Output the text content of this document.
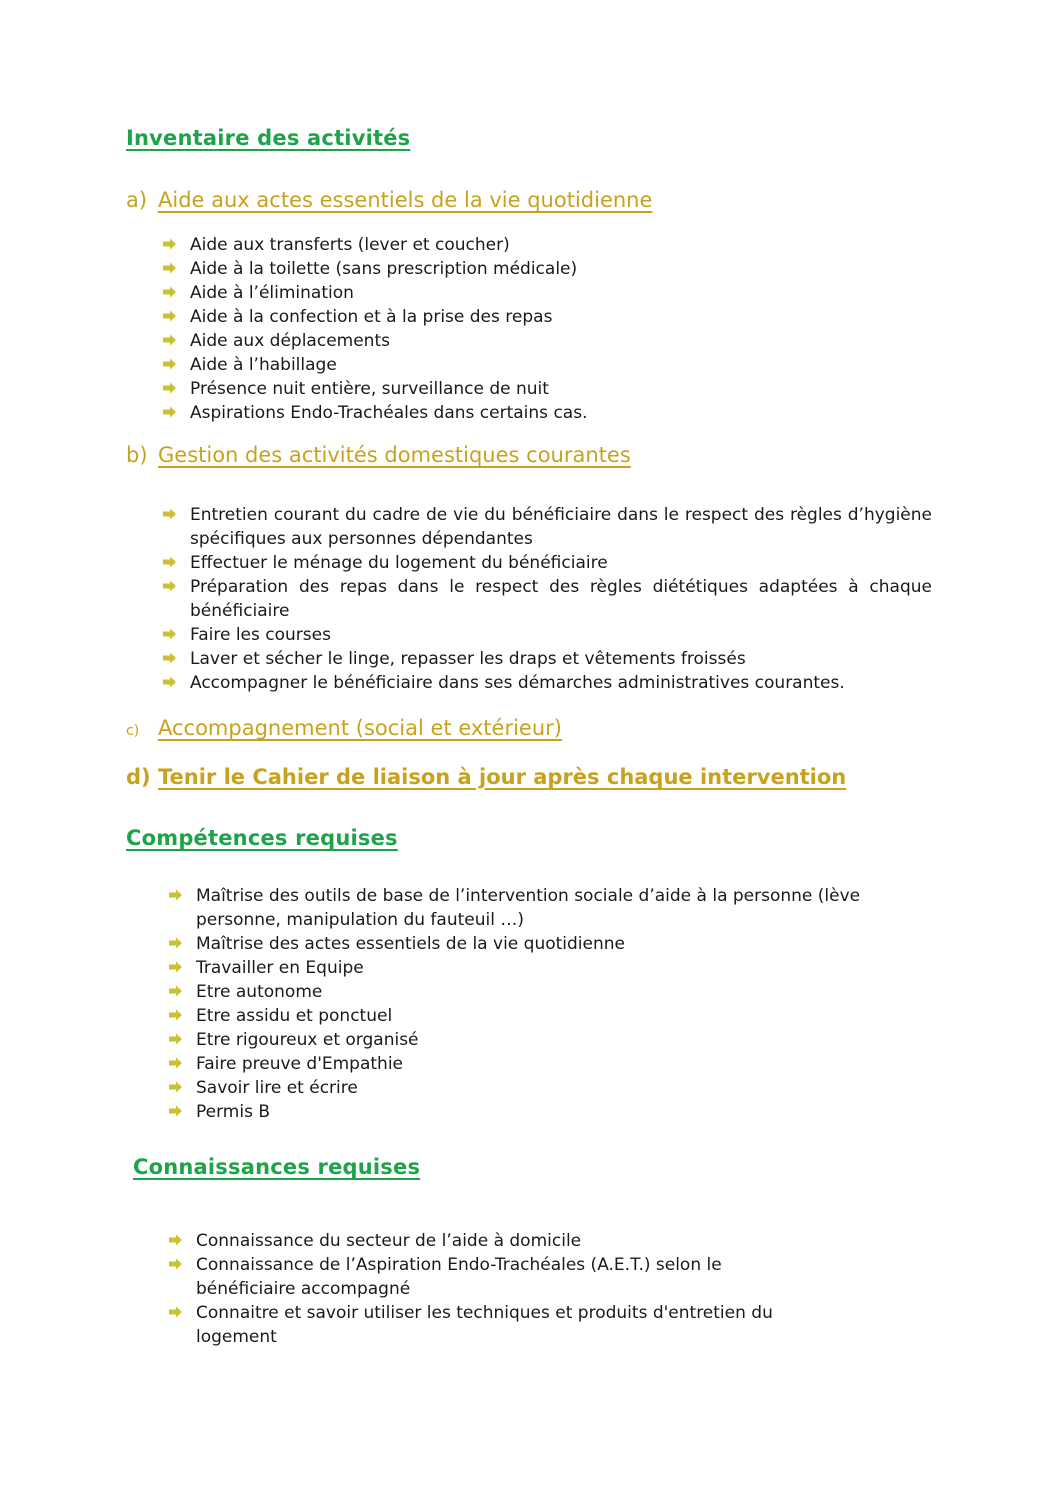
Inventaire des activités
a) Aide aux actes essentiels de la vie quotidienne
Aide aux transferts (lever et coucher)
Aide à la toilette (sans prescription médicale)
Aide à l’élimination
Aide à la confection et à la prise des repas
Aide aux déplacements
Aide à l’habillage
Présence nuit entière, surveillance de nuit
Aspirations Endo-Trachéales dans certains cas.
b) Gestion des activités domestiques courantes
Entretien courant du cadre de vie du bénéficiaire dans le respect des règles d’hygiène spécifiques aux personnes dépendantes
Effectuer le ménage du logement du bénéficiaire
Préparation des repas dans le respect des règles diététiques adaptées à chaque bénéficiaire
Faire les courses
Laver et sécher le linge, repasser les draps et vêtements froissés
Accompagner le bénéficiaire dans ses démarches administratives courantes.
c) Accompagnement (social et extérieur)
d) Tenir le Cahier de liaison à jour après chaque intervention
Compétences requises
Maîtrise des outils de base de l’intervention sociale d’aide à la personne (lève personne, manipulation du fauteuil …)
Maîtrise des actes essentiels de la vie quotidienne
Travailler en Equipe
Etre autonome
Etre assidu et ponctuel
Etre rigoureux et organisé
Faire preuve d'Empathie
Savoir lire et écrire
Permis B
Connaissances requises
Connaissance du secteur de l’aide à domicile
Connaissance de l’Aspiration Endo-Trachéales (A.E.T.) selon le bénéficiaire accompagné
Connaitre et savoir utiliser les techniques et produits d'entretien du logement
